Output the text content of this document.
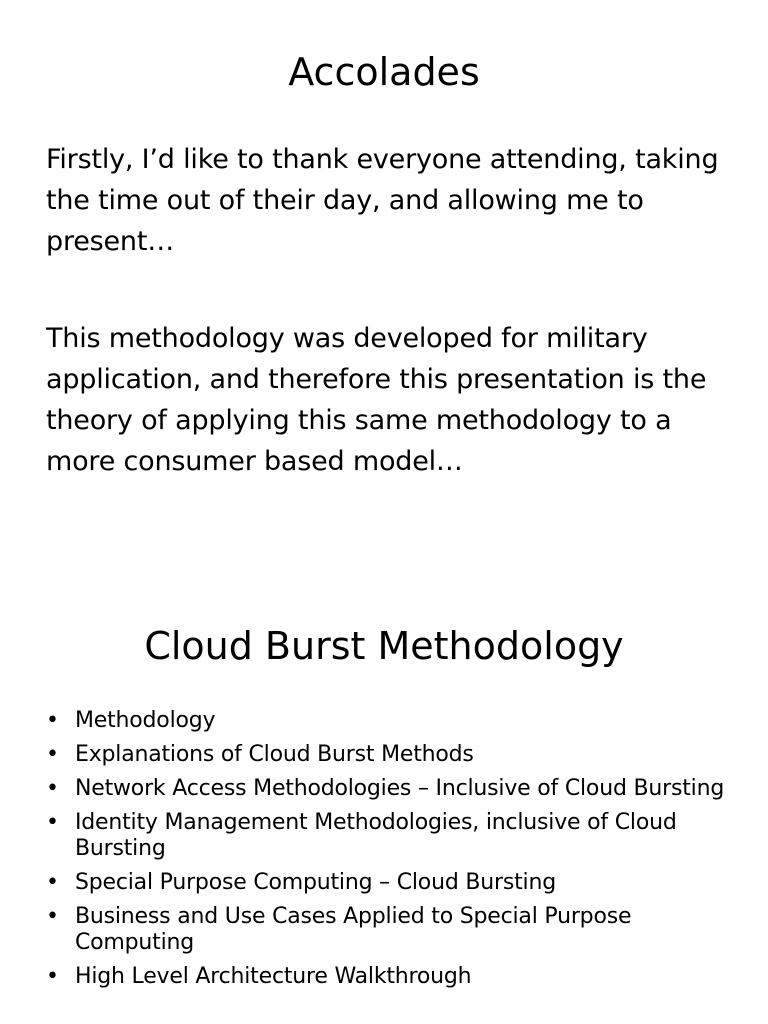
Accolades

Firstly, I’d like to thank everyone attending, taking the time out of their day, and allowing me to present…

This methodology was developed for military application, and therefore this presentation is the theory of applying this same methodology to a more consumer based model…

Cloud Burst Methodology
• Methodology
• Explanations of Cloud Burst Methods
• Network Access Methodologies – Inclusive of Cloud Bursting
• Identity Management Methodologies, inclusive of Cloud Bursting
• Special Purpose Computing – Cloud Bursting
• Business and Use Cases Applied to Special Purpose Computing
• High Level Architecture Walkthrough
